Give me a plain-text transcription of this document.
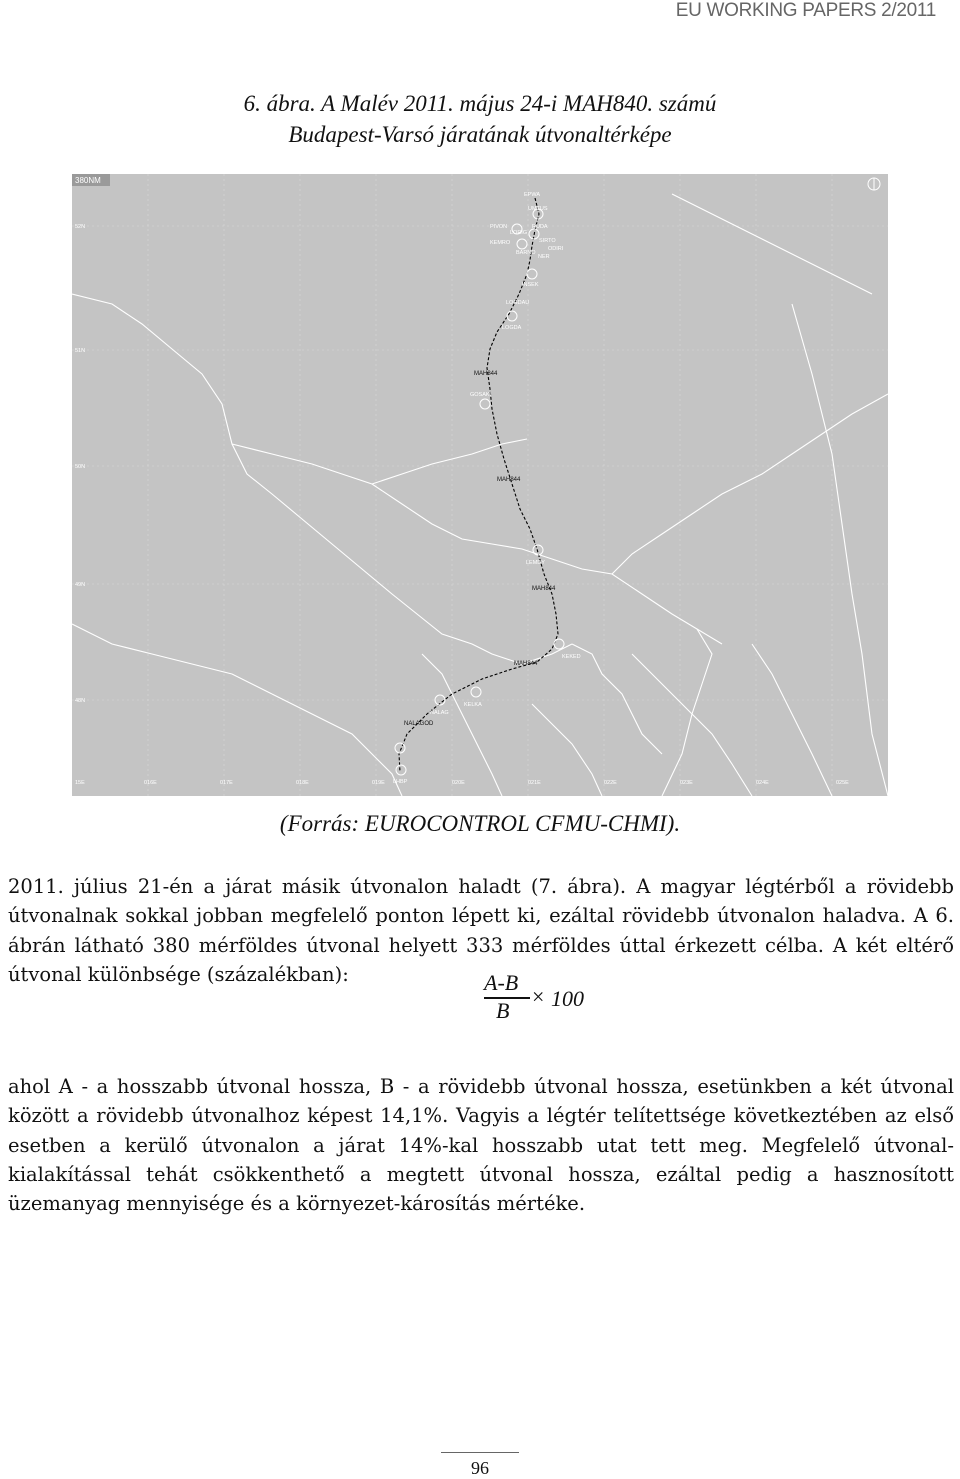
EU WORKING PAPERS 2/2011
6. ábra. A Malév 2011. május 24-i MAH840. számú
Budapest-Varsó járatának útvonaltérképe
380NM
52N
51N
50N
49N
48N
15E	016E	017E	018E	019E	020E	021E	022E	023E	024E	025E
EPWA
UMTUS
PIVON	RUDA
KEMRO	SIRTO
LORIG
ODIRI
BARNO
NER
INSEK
LOGDAU
LOGDA
GOSAKI
LEMDY
KEKED
KELKA
NALAG
NALAGOD
LHBP
MAH844
MAH844
MAH844
MAH844
(Forrás: EUROCONTROL CFMU-CHMI).
2011. július 21-én a járat másik útvonalon haladt (7. ábra). A magyar légtérből a rövidebb útvonalnak sokkal jobban megfelelő ponton lépett ki, ezáltal rövidebb útvonalon haladva. A 6. ábrán látható 380 mérföldes útvonal helyett 333 mérföldes úttal érkezett célba. A két eltérő útvonal különbsége (százalékban):	A-B
B
× 100
ahol A - a hosszabb útvonal hossza, B - a rövidebb útvonal hossza, esetünkben a két útvonal között a rövidebb útvonalhoz képest 14,1%. Vagyis a légtér telítettsége következtében az első esetben a kerülő útvonalon a járat 14%-kal hosszabb utat tett meg. Megfelelő útvonal-kialakítással tehát csökkenthető a megtett útvonal hossza, ezáltal pedig a hasznosított üzemanyag mennyisége és a környezet-károsítás mértéke.
96
